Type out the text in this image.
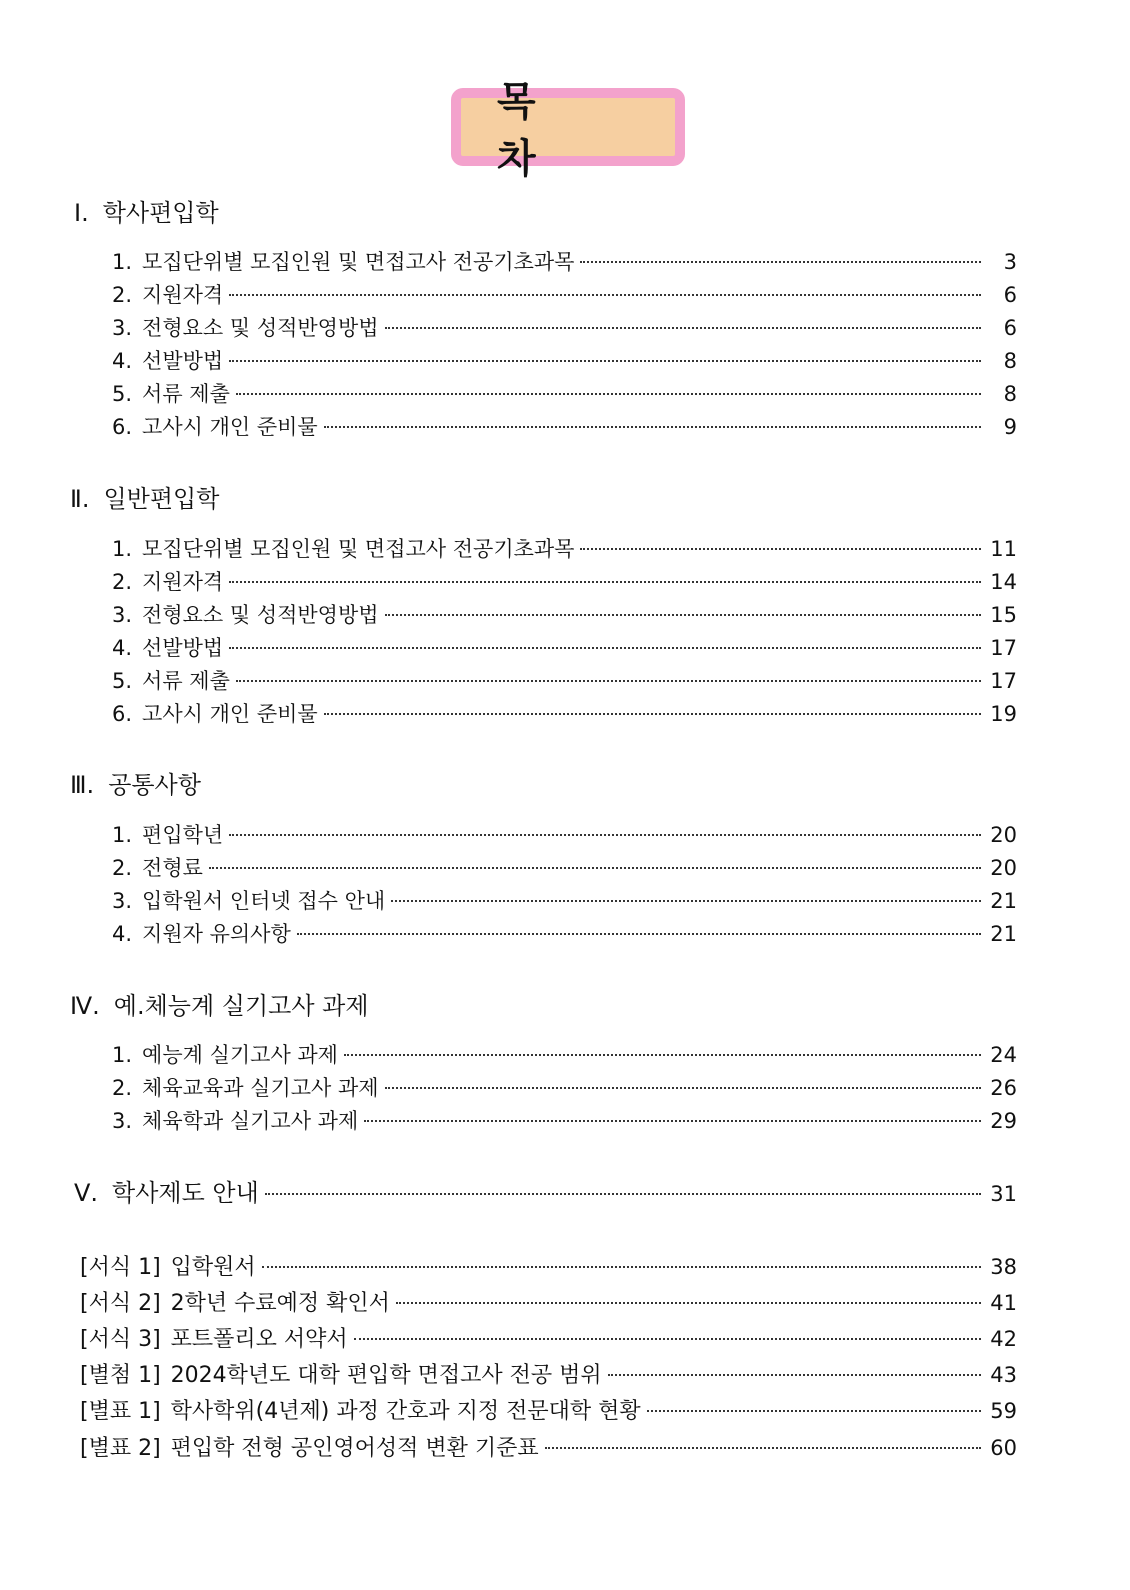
목 차
Ⅰ. 학사편입학
1. 모집단위별 모집인원 및 면접고사 전공기초과목	3
2. 지원자격	6
3. 전형요소 및 성적반영방법	6
4. 선발방법	8
5. 서류 제출	8
6. 고사시 개인 준비물	9
Ⅱ. 일반편입학
1. 모집단위별 모집인원 및 면접고사 전공기초과목	11
2. 지원자격	14
3. 전형요소 및 성적반영방법	15
4. 선발방법	17
5. 서류 제출	17
6. 고사시 개인 준비물	19
Ⅲ. 공통사항
1. 편입학년	20
2. 전형료	20
3. 입학원서 인터넷 접수 안내	21
4. 지원자 유의사항	21
Ⅳ. 예.체능계 실기고사 과제
1. 예능계 실기고사 과제	24
2. 체육교육과 실기고사 과제	26
3. 체육학과 실기고사 과제	29
Ⅴ. 학사제도 안내	31
[서식 1] 입학원서	38
[서식 2] 2학년 수료예정 확인서	41
[서식 3] 포트폴리오 서약서	42
[별첨 1] 2024학년도 대학 편입학 면접고사 전공 범위	43
[별표 1] 학사학위(4년제) 과정 간호과 지정 전문대학 현황	59
[별표 2] 편입학 전형 공인영어성적 변환 기준표	60
